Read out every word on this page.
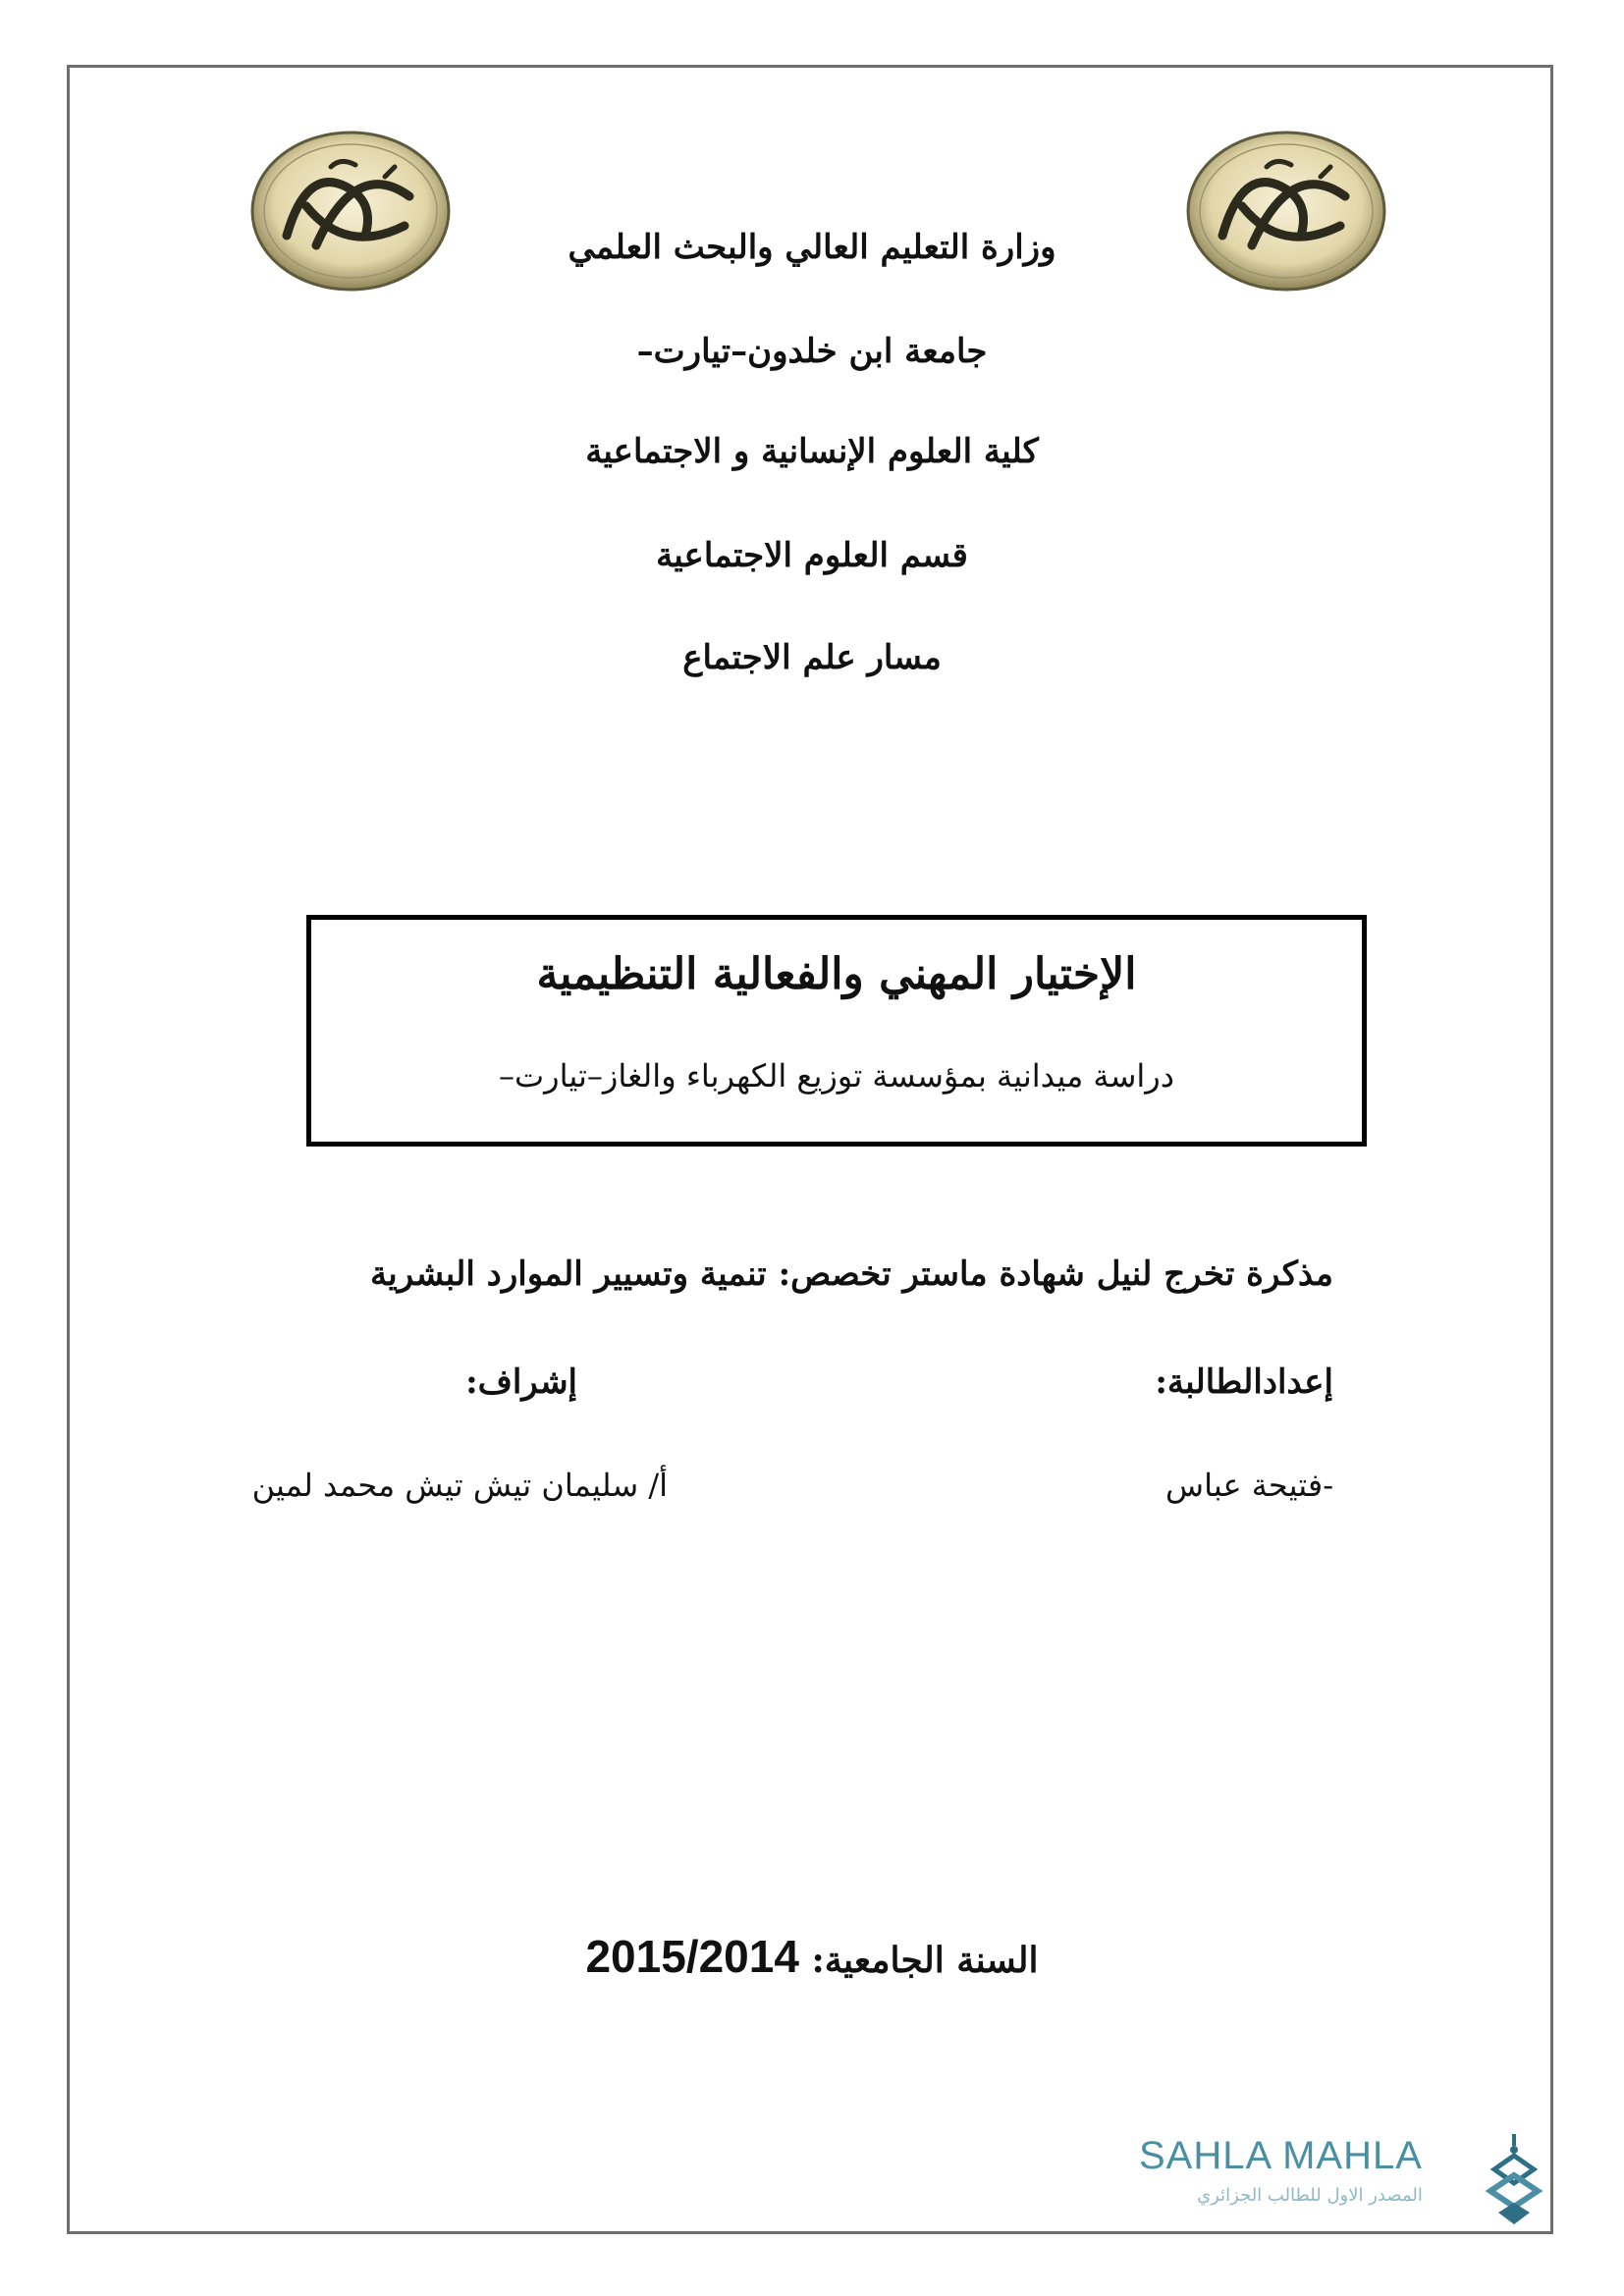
وزارة التعليم العالي والبحث العلمي
جامعة ابن خلدون–تيارت–
كلية العلوم الإنسانية و الاجتماعية
قسم العلوم الاجتماعية
مسار علم الاجتماع
الإختيار المهني والفعالية التنظيمية
دراسة ميدانية بمؤسسة توزيع الكهرباء والغاز–تيارت–
مذكرة تخرج لنيل شهادة ماستر تخصص: تنمية وتسيير الموارد البشرية
إعدادالطالبة:
إشراف:
-فتيحة عباس
أ/ سليمان تيش تيش محمد لمين
السنة الجامعية: 2015/2014
SAHLA MAHLA
المصدر الاول للطالب الجزائري
